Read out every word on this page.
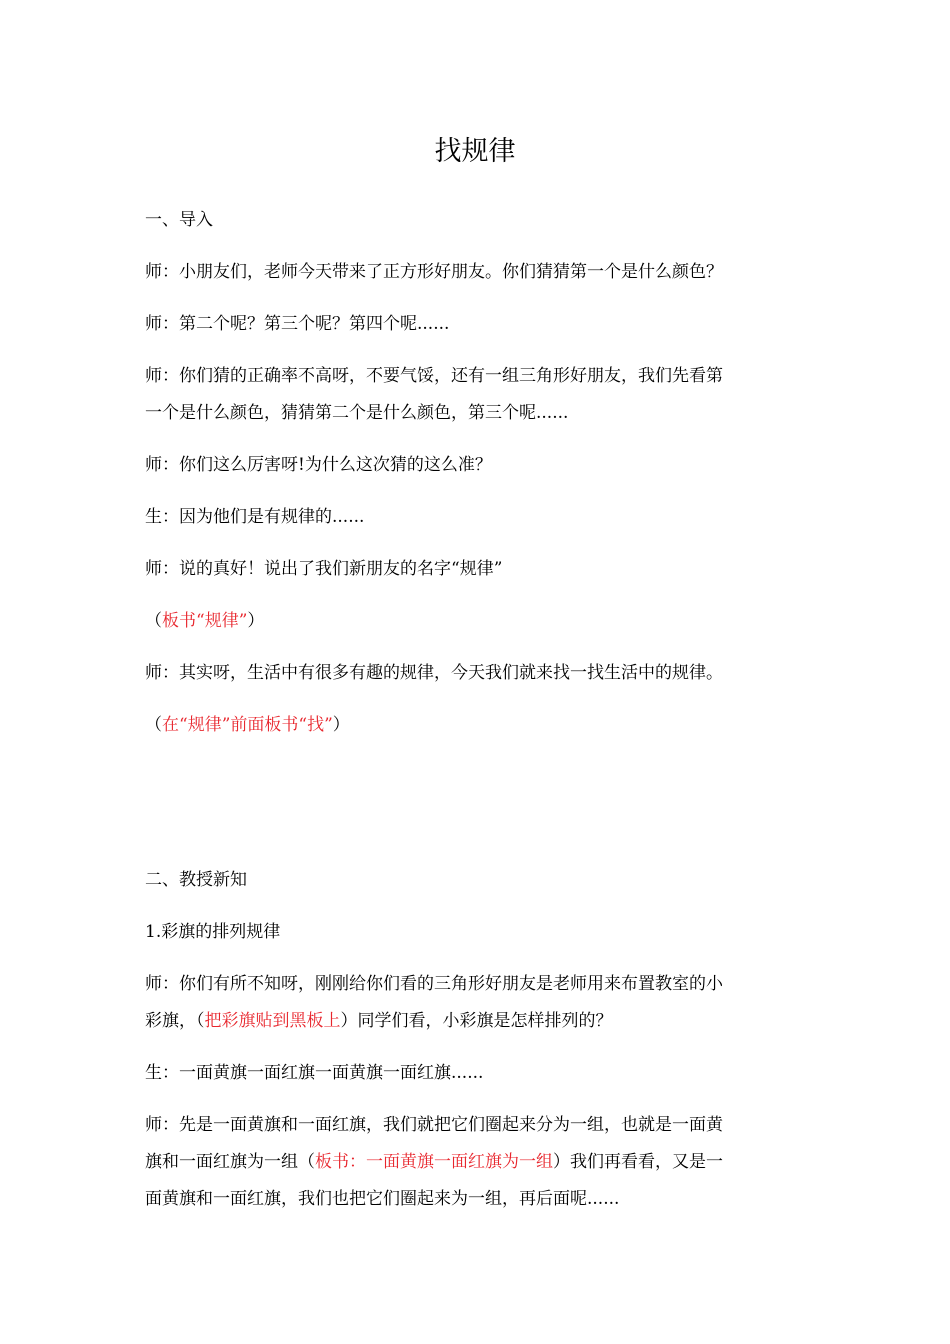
找规律

一、导入

师：小朋友们，老师今天带来了正方形好朋友。你们猜猜第一个是什么颜色？

师：第二个呢？第三个呢？第四个呢......

师：你们猜的正确率不高呀，不要气馁，还有一组三角形好朋友，我们先看第

一个是什么颜色，猜猜第二个是什么颜色，第三个呢......

师：你们这么厉害呀!为什么这次猜的这么准？

生：因为他们是有规律的......

师：说的真好！说出了我们新朋友的名字“规律”

（板书“规律”）

师：其实呀，生活中有很多有趣的规律，今天我们就来找一找生活中的规律。

（在“规律”前面板书“找”）

二、教授新知

1.彩旗的排列规律

师：你们有所不知呀，刚刚给你们看的三角形好朋友是老师用来布置教室的小

彩旗，（把彩旗贴到黑板上）同学们看，小彩旗是怎样排列的？

生：一面黄旗一面红旗一面黄旗一面红旗......

师：先是一面黄旗和一面红旗，我们就把它们圈起来分为一组，也就是一面黄

旗和一面红旗为一组（板书：一面黄旗一面红旗为一组）我们再看看，又是一

面黄旗和一面红旗，我们也把它们圈起来为一组，再后面呢......
